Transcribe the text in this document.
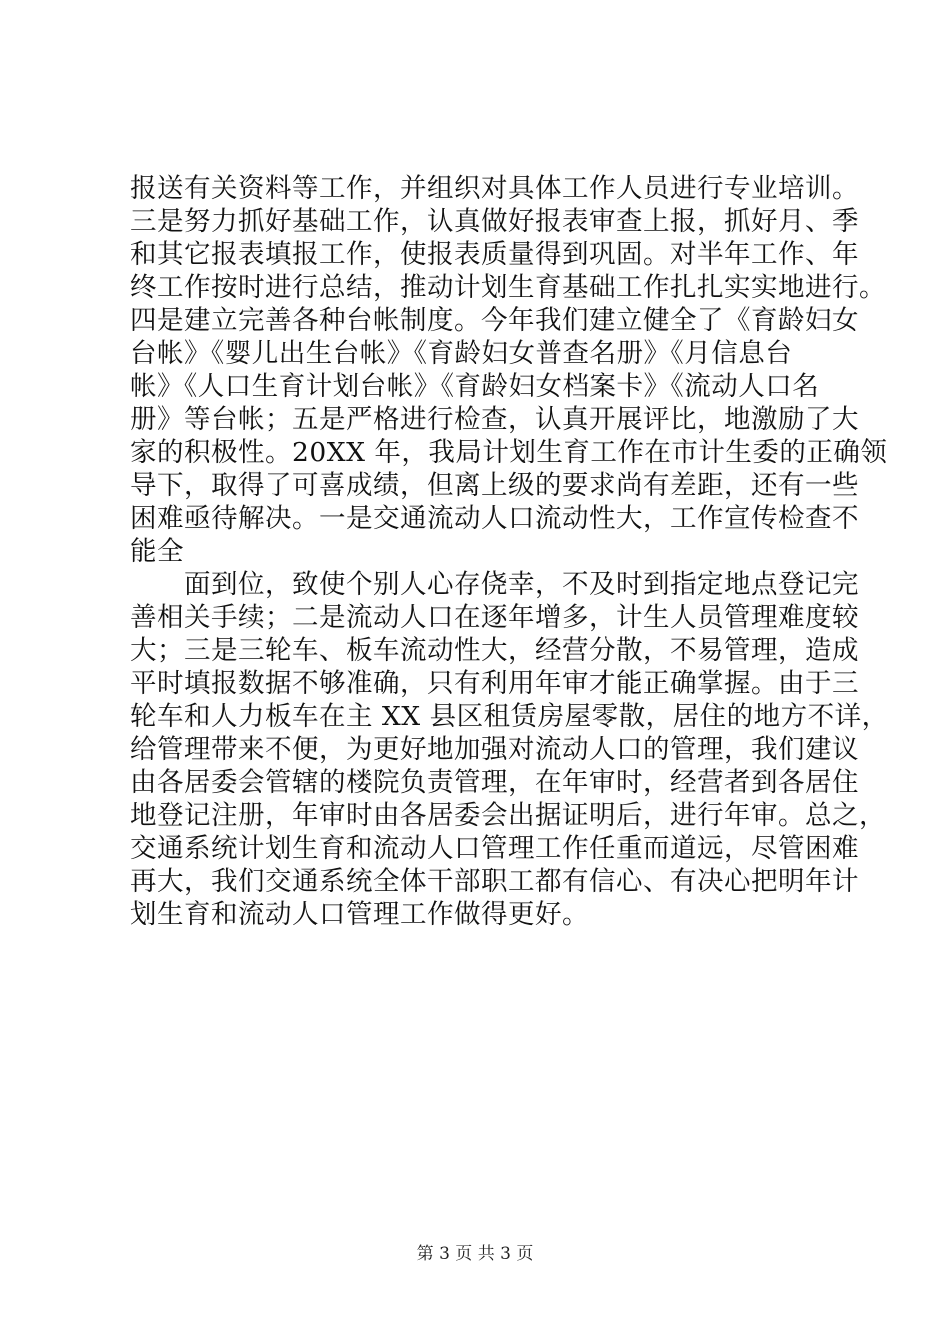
报送有关资料等工作，并组织对具体工作人员进行专业培训。
三是努力抓好基础工作，认真做好报表审查上报，抓好月、季
和其它报表填报工作，使报表质量得到巩固。对半年工作、年
终工作按时进行总结，推动计划生育基础工作扎扎实实地进行。
四是建立完善各种台帐制度。今年我们建立健全了《育龄妇女
台帐》《婴儿出生台帐》《育龄妇女普查名册》《月信息台
帐》《人口生育计划台帐》《育龄妇女档案卡》《流动人口名
册》等台帐；五是严格进行检查，认真开展评比，地激励了大
家的积极性。20XX 年，我局计划生育工作在市计生委的正确领
导下，取得了可喜成绩，但离上级的要求尚有差距，还有一些
困难亟待解决。一是交通流动人口流动性大，工作宣传检查不
能全
面到位，致使个别人心存侥幸，不及时到指定地点登记完
善相关手续；二是流动人口在逐年增多，计生人员管理难度较
大；三是三轮车、板车流动性大，经营分散，不易管理，造成
平时填报数据不够准确，只有利用年审才能正确掌握。由于三
轮车和人力板车在主 XX 县区租赁房屋零散，居住的地方不详，
给管理带来不便，为更好地加强对流动人口的管理，我们建议
由各居委会管辖的楼院负责管理，在年审时，经营者到各居住
地登记注册，年审时由各居委会出据证明后，进行年审。总之，
交通系统计划生育和流动人口管理工作任重而道远，尽管困难
再大，我们交通系统全体干部职工都有信心、有决心把明年计
划生育和流动人口管理工作做得更好。
第 3 页 共 3 页
